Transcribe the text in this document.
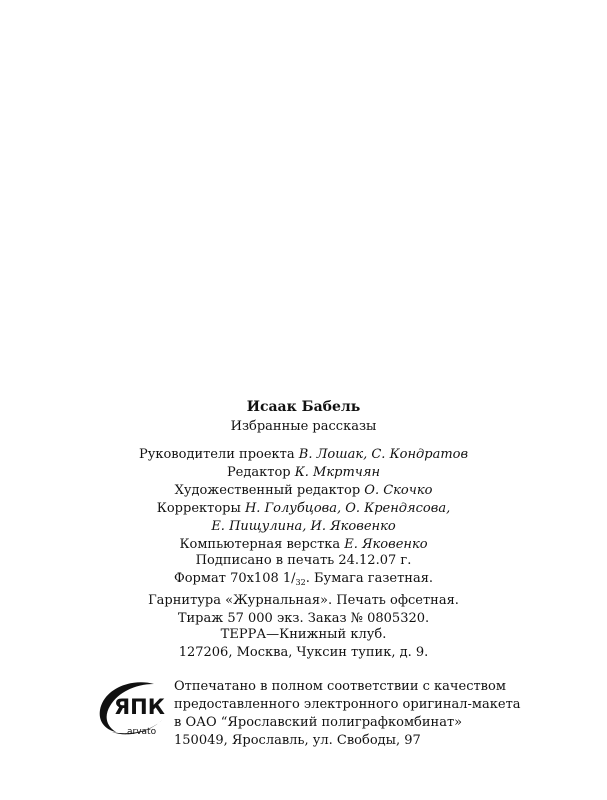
Исаак Бабель
Избранные рассказы
Руководители проекта В. Лошак, С. Кондратов
Редактор К. Мкртчян
Художественный редактор О. Скочко
Корректоры Н. Голубцова, О. Крендясова,
Е. Пищулина, И. Яковенко
Компьютерная верстка Е. Яковенко
Подписано в печать 24.12.07 г.
Формат 70x108 $1/_{32}$. Бумага газетная.
Гарнитура «Журнальная». Печать офсетная.
Тираж 57 000 экз. Заказ № 0805320.
ТЕРРА—Книжный клуб.
127206, Москва, Чуксин тупик, д. 9.
ЯПК
arvato
Отпечатано в полном соответствии с качеством
предоставленного электронного оригинал-макета
в ОАО “Ярославский полиграфкомбинат»
150049, Ярославль, ул. Свободы, 97
